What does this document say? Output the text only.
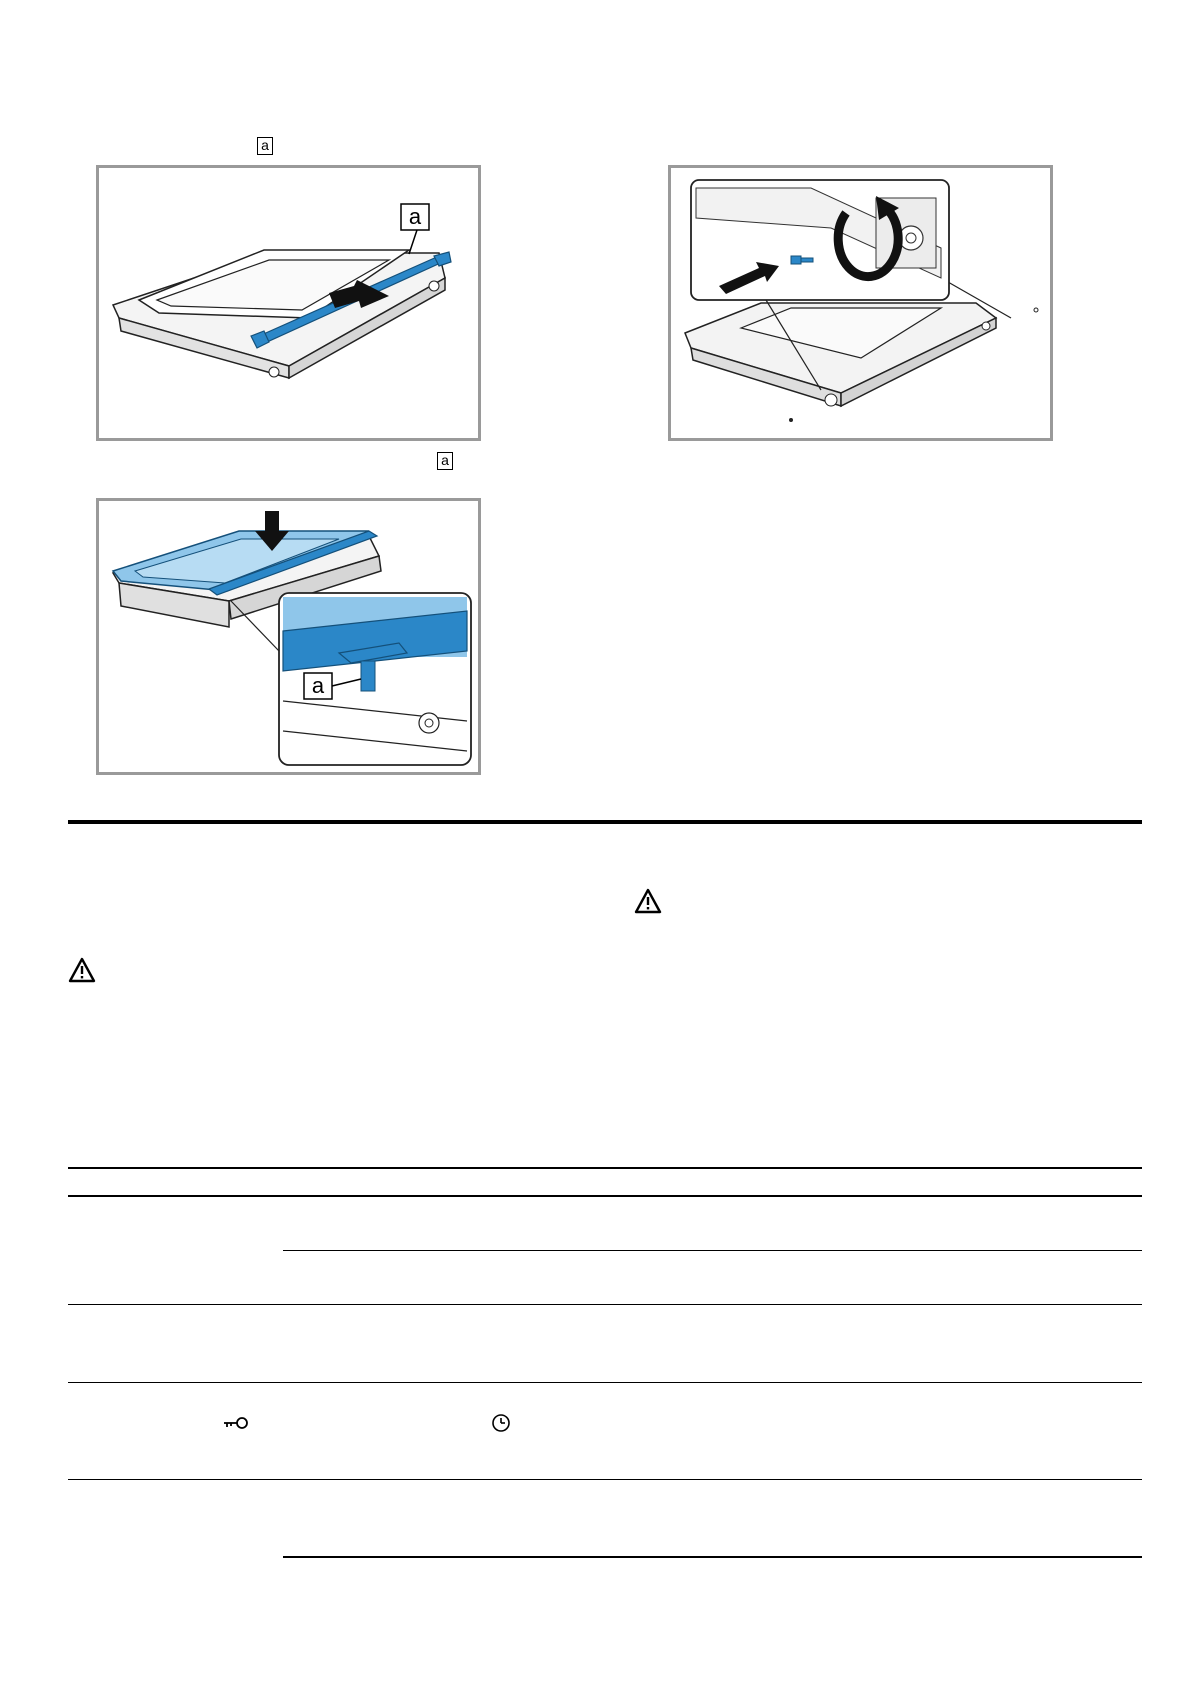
a
a
a
a
